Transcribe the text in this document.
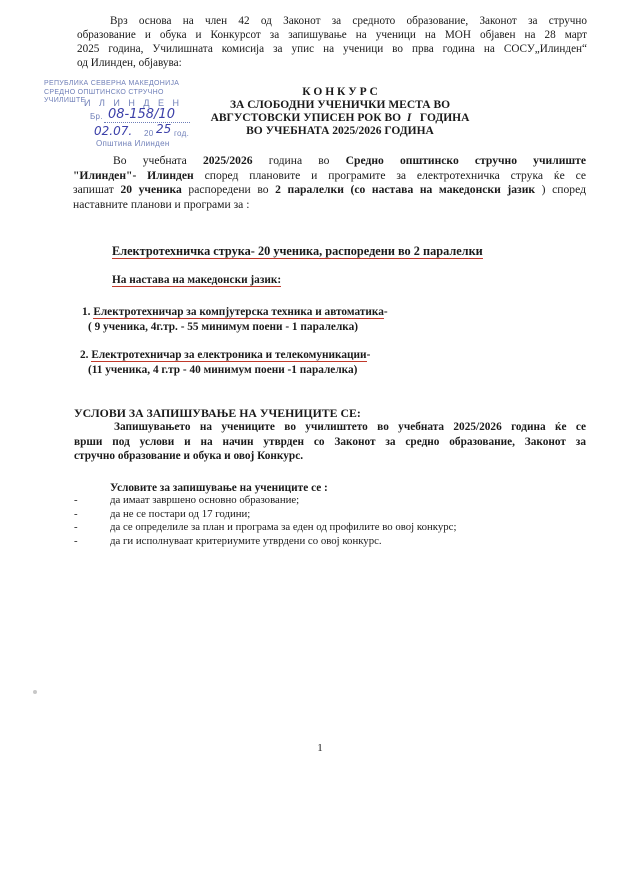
Врз основа на член 42 од Законот за средното образование, Законот за стручно
образование и обука и Конкурсот за запишување на ученици на МОН објавен на 28 март
2025 година, Училишната комисија за упис на ученици во прва година на СОСУ„Илинден“
од Илинден, објавува:
РЕПУБЛИКА СЕВЕРНА МАКЕДОНИЈА
СРЕДНО ОПШТИНСКО СТРУЧНО УЧИЛИШТЕ
И Л И Н Д Е Н
Бр. 08-158/10
02.07. 20 25 год.
Општина Илинден
К О Н К У Р С
ЗА СЛОБОДНИ УЧЕНИЧКИ МЕСТА ВО
АВГУСТОВСКИ УПИСЕН РОК ВО I ГОДИНА
ВО УЧЕБНАТА 2025/2026 ГОДИНА
Во учебната 2025/2026 година во Средно општинско стручно училиште
"Илинден"- Илинден според плановите и програмите за електротехничка струка ќе се
запишат 20 ученика распоредени во 2 паралелки (со настава на македонски јазик ) според
наставните планови и програми за :
Електротехничка струка- 20 ученика, распоредени во 2 паралелки
На настава на македонски јазик:
1. Електротехничар за компјутерска техника и автоматика-
( 9 ученика, 4г.тр. - 55 минимум поени - 1 паралелка)
2. Електротехничар за електроника и телекомуникации-
(11 ученика, 4 г.тр - 40 минимум поени -1 паралелка)
УСЛОВИ ЗА ЗАПИШУВАЊЕ НА УЧЕНИЦИТЕ СЕ:
Запишувањето на учениците во училиштето во учебната 2025/2026 година ќе се
врши под услови и на начин утврден со Законот за средно образование, Законот за
стручно образование и обука и овој Конкурс.
Условите за запишување на учениците се :
-	да имаат завршено основно образование;
-	да не се постари од 17 години;
-	да се определиле за план и програма за еден од профилите во овој конкурс;
-	да ги исполнуваат критериумите утврдени со овој конкурс.
1
